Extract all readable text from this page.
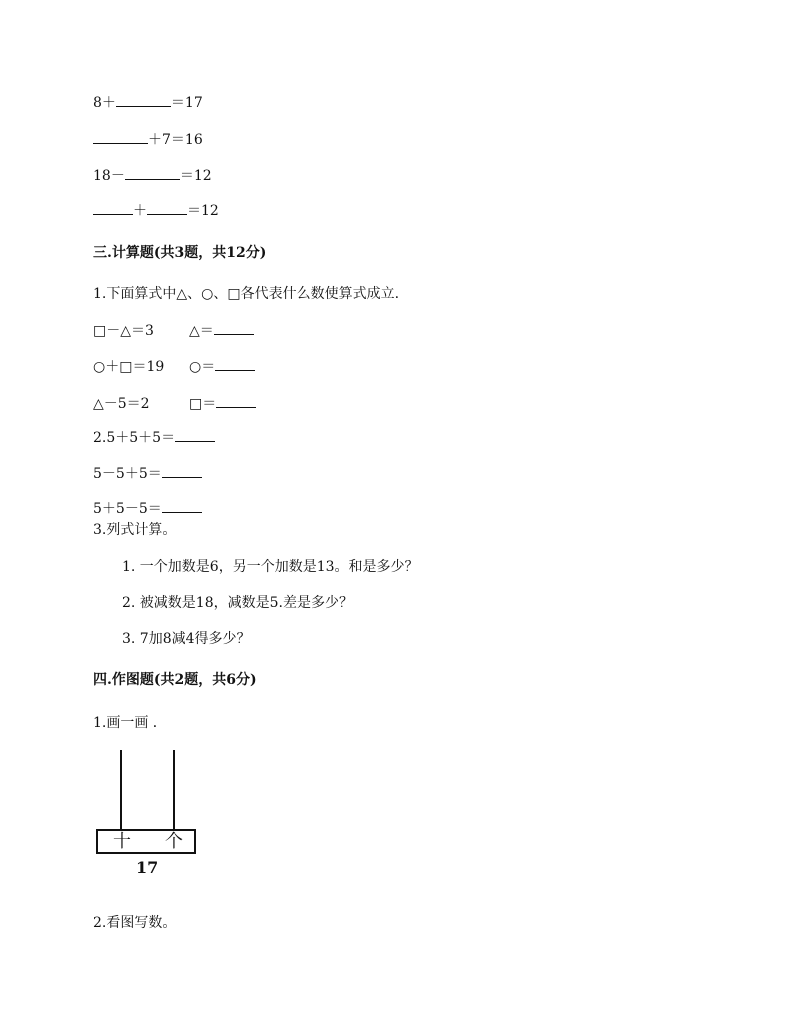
8＋	＝17
＋7＝16
18－	＝12
＋	＝12
三.计算题(共3题，共12分)
1.下面算式中△、○、□各代表什么数使算式成立.
□－△＝3	△＝
○＋□＝19 ○＝
△－5＝2	□＝
2.5＋5＋5＝
5－5＋5＝
5＋5－5＝
3.列式计算。
1. 一个加数是6，另一个加数是13。和是多少？
2. 被减数是18，减数是5.差是多少？
3. 7加8减4得多少？
四.作图题(共2题，共6分)
1.画一画 ．
十 个
17
2.看图写数。
